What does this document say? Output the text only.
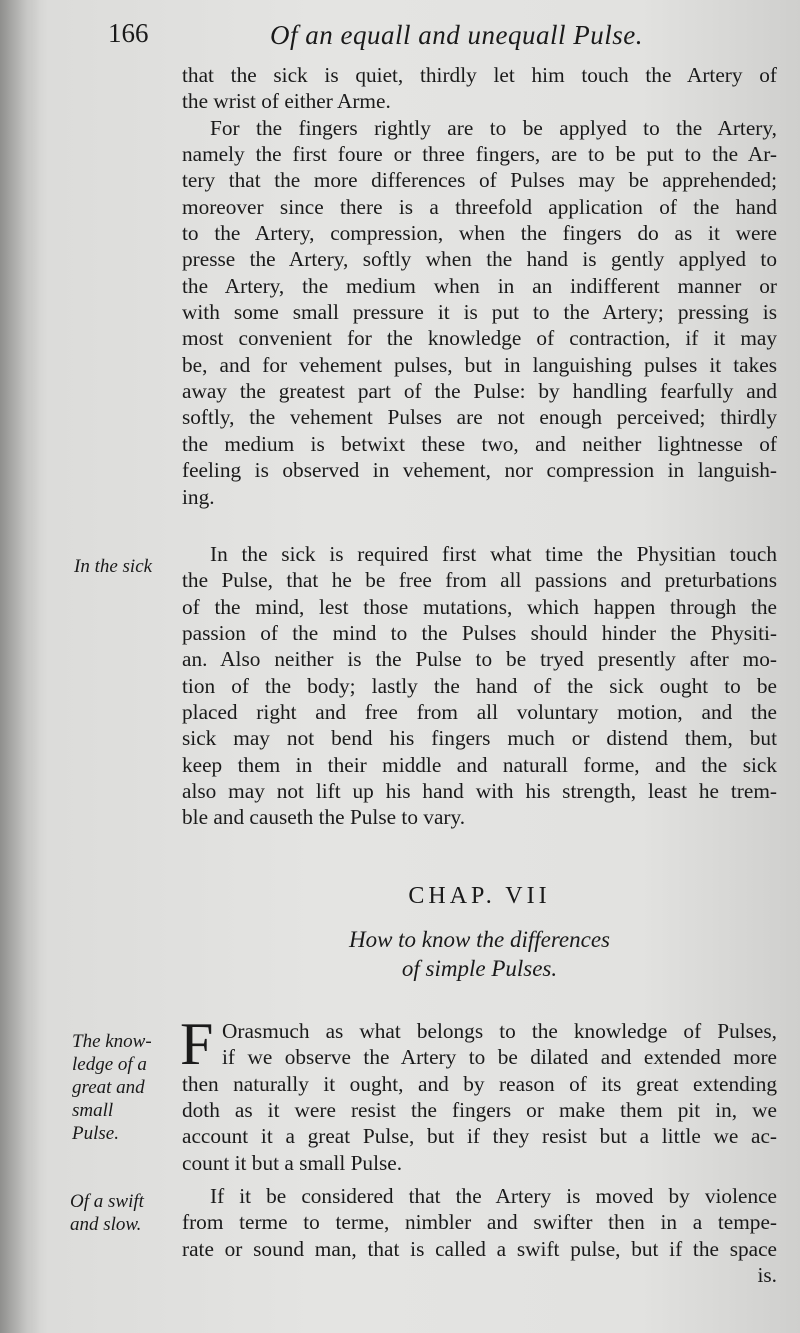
166	Of an equall and unequall Pulse.
that the sick is quiet, thirdly let him touch the Artery of
the wrist of either Arme.
For the fingers rightly are to be applyed to the Artery,
namely the first foure or three fingers, are to be put to the Ar-
tery that the more differences of Pulses may be apprehended;
moreover since there is a threefold application of the hand
to the Artery, compression, when the fingers do as it were
presse the Artery, softly when the hand is gently applyed to
the Artery, the medium when in an indifferent manner or
with some small pressure it is put to the Artery; pressing is
most convenient for the knowledge of contraction, if it may
be, and for vehement pulses, but in languishing pulses it takes
away the greatest part of the Pulse: by handling fearfully and
softly, the vehement Pulses are not enough perceived; thirdly
the medium is betwixt these two, and neither lightnesse of
feeling is observed in vehement, nor compression in languish-
ing.
In the sick
In the sick is required first what time the Physitian touch
the Pulse, that he be free from all passions and preturbations
of the mind, lest those mutations, which happen through the
passion of the mind to the Pulses should hinder the Physiti-
an. Also neither is the Pulse to be tryed presently after mo-
tion of the body; lastly the hand of the sick ought to be
placed right and free from all voluntary motion, and the
sick may not bend his fingers much or distend them, but
keep them in their middle and naturall forme, and the sick
also may not lift up his hand with his strength, least he trem-
ble and causeth the Pulse to vary.
CHAP. VII
How to know the differences
of simple Pulses.
The know-
ledge of a
great and
small
Pulse.
F Orasmuch as what belongs to the knowledge of Pulses,
if we observe the Artery to be dilated and extended more
then naturally it ought, and by reason of its great extending
doth as it were resist the fingers or make them pit in, we
account it a great Pulse, but if they resist but a little we ac-
count it but a small Pulse.
Of a swift
and slow.
If it be considered that the Artery is moved by violence
from terme to terme, nimbler and swifter then in a tempe-
rate or sound man, that is called a swift pulse, but if the space
is.
